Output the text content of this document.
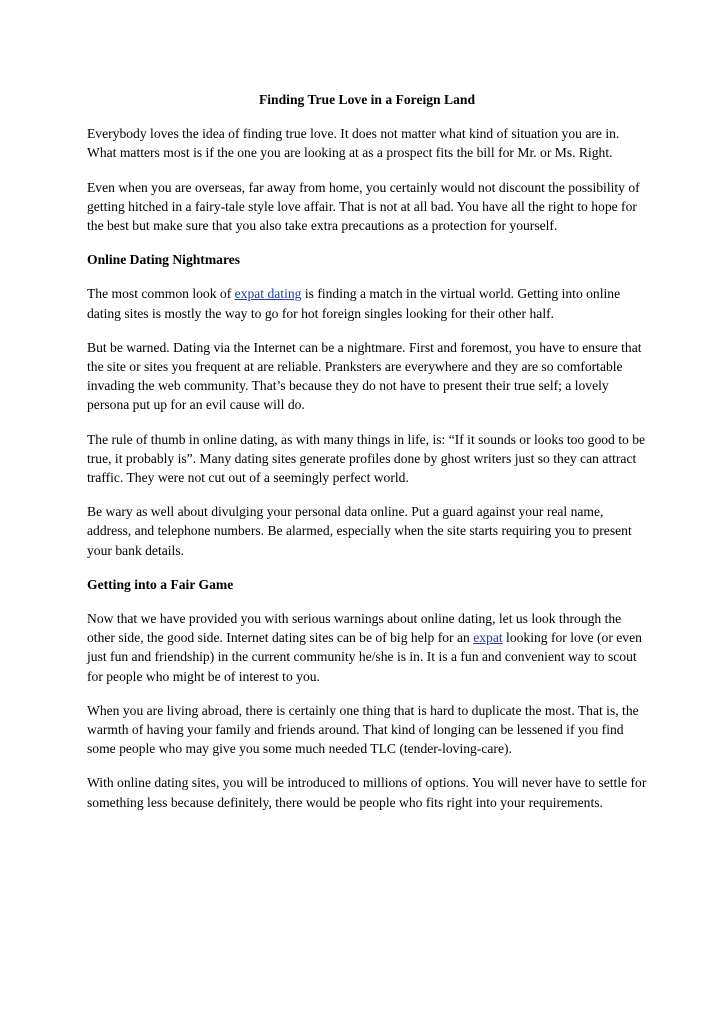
Finding True Love in a Foreign Land

Everybody loves the idea of finding true love. It does not matter what kind of situation you are in. What matters most is if the one you are looking at as a prospect fits the bill for Mr. or Ms. Right.

Even when you are overseas, far away from home, you certainly would not discount the possibility of getting hitched in a fairy-tale style love affair. That is not at all bad. You have all the right to hope for the best but make sure that you also take extra precautions as a protection for yourself.

Online Dating Nightmares

The most common look of expat dating is finding a match in the virtual world. Getting into online dating sites is mostly the way to go for hot foreign singles looking for their other half.

But be warned. Dating via the Internet can be a nightmare. First and foremost, you have to ensure that the site or sites you frequent at are reliable. Pranksters are everywhere and they are so comfortable invading the web community. That’s because they do not have to present their true self; a lovely persona put up for an evil cause will do.

The rule of thumb in online dating, as with many things in life, is: “If it sounds or looks too good to be true, it probably is”. Many dating sites generate profiles done by ghost writers just so they can attract traffic. They were not cut out of a seemingly perfect world.

Be wary as well about divulging your personal data online. Put a guard against your real name, address, and telephone numbers. Be alarmed, especially when the site starts requiring you to present your bank details.

Getting into a Fair Game

Now that we have provided you with serious warnings about online dating, let us look through the other side, the good side. Internet dating sites can be of big help for an expat looking for love (or even just fun and friendship) in the current community he/she is in. It is a fun and convenient way to scout for people who might be of interest to you.

When you are living abroad, there is certainly one thing that is hard to duplicate the most. That is, the warmth of having your family and friends around. That kind of longing can be lessened if you find some people who may give you some much needed TLC (tender-loving-care).

With online dating sites, you will be introduced to millions of options. You will never have to settle for something less because definitely, there would be people who fits right into your requirements.
